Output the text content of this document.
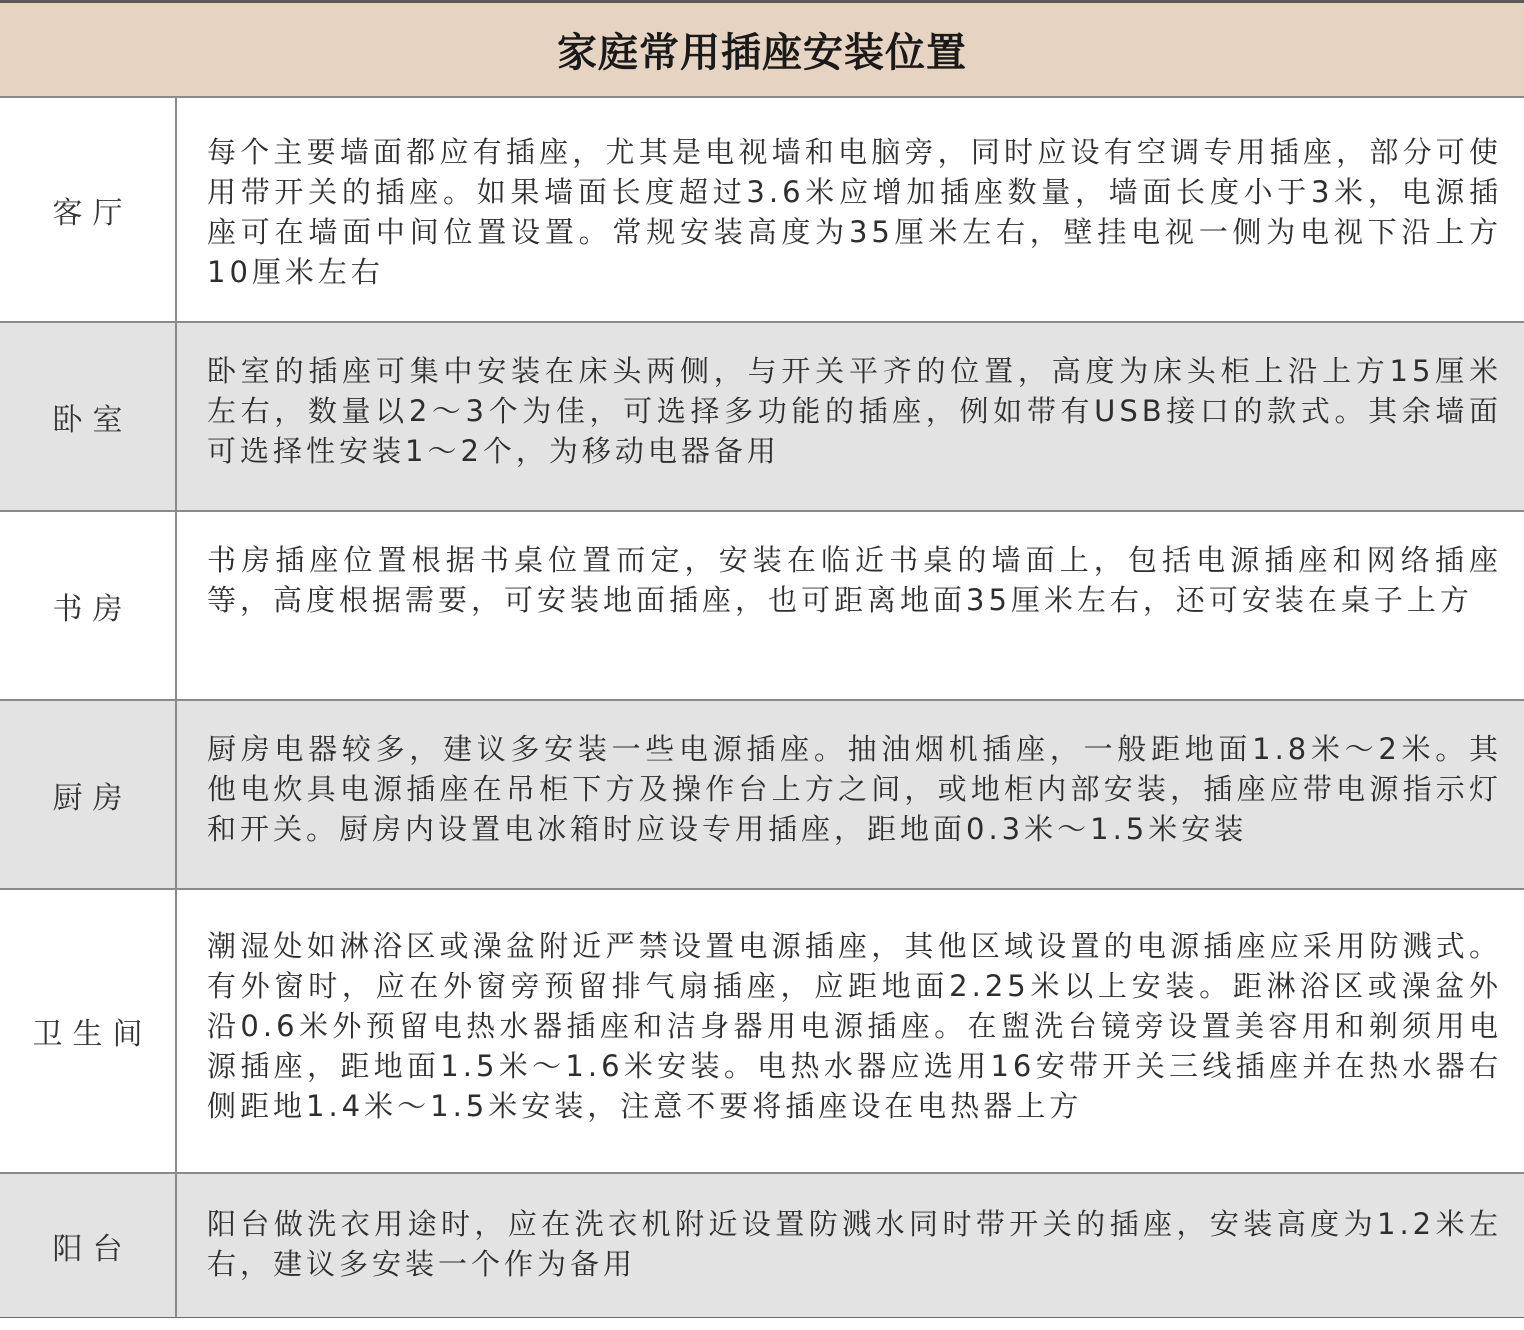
家庭常用插座安装位置
客厅
每个主要墙面都应有插座，尤其是电视墙和电脑旁，同时应设有空调专用插座，部分可使用带开关的插座。如果墙面长度超过3.6米应增加插座数量，墙面长度小于3米，电源插座可在墙面中间位置设置。常规安装高度为35厘米左右，壁挂电视一侧为电视下沿上方10厘米左右
卧室
卧室的插座可集中安装在床头两侧，与开关平齐的位置，高度为床头柜上沿上方15厘米左右，数量以2～3个为佳，可选择多功能的插座，例如带有USB接口的款式。其余墙面可选择性安装1～2个，为移动电器备用
书房
书房插座位置根据书桌位置而定，安装在临近书桌的墙面上，包括电源插座和网络插座等，高度根据需要，可安装地面插座，也可距离地面35厘米左右，还可安装在桌子上方
厨房
厨房电器较多，建议多安装一些电源插座。抽油烟机插座，一般距地面1.8米～2米。其他电炊具电源插座在吊柜下方及操作台上方之间，或地柜内部安装，插座应带电源指示灯和开关。厨房内设置电冰箱时应设专用插座，距地面0.3米～1.5米安装
卫生间
潮湿处如淋浴区或澡盆附近严禁设置电源插座，其他区域设置的电源插座应采用防溅式。有外窗时，应在外窗旁预留排气扇插座，应距地面2.25米以上安装。距淋浴区或澡盆外沿0.6米外预留电热水器插座和洁身器用电源插座。在盥洗台镜旁设置美容用和剃须用电源插座，距地面1.5米～1.6米安装。电热水器应选用16安带开关三线插座并在热水器右侧距地1.4米～1.5米安装，注意不要将插座设在电热器上方
阳台
阳台做洗衣用途时，应在洗衣机附近设置防溅水同时带开关的插座，安装高度为1.2米左右，建议多安装一个作为备用
